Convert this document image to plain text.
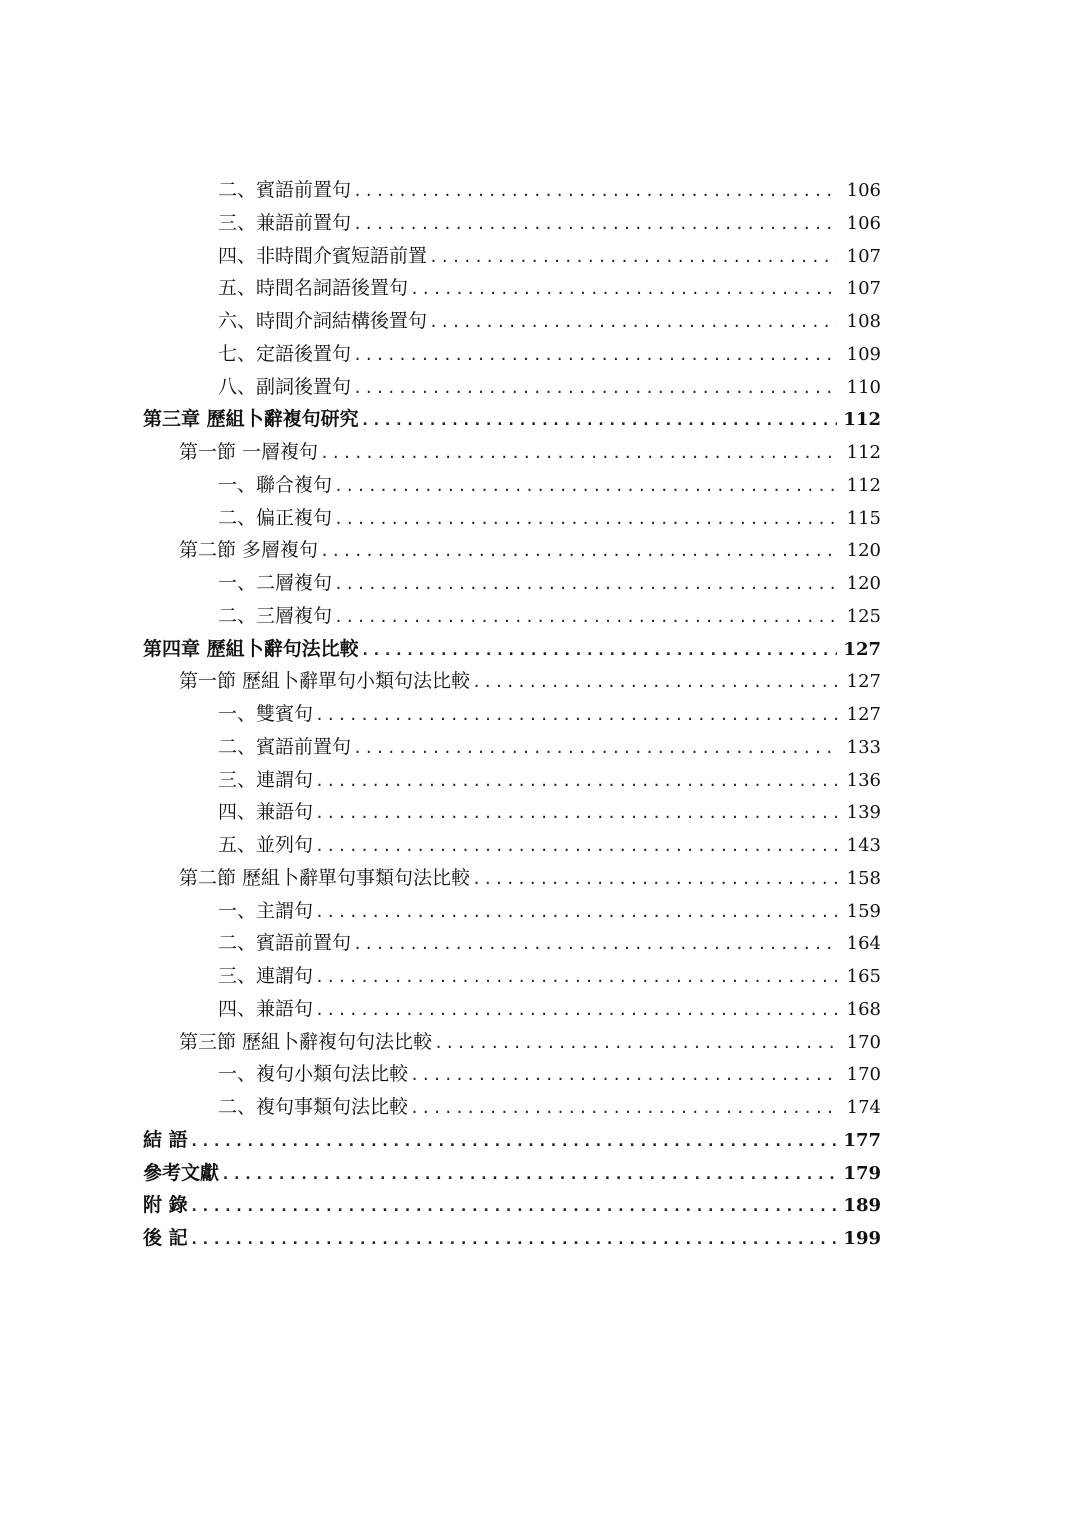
二、賓語前置句 .....	106
三、兼語前置句 .....	106
四、非時間介賓短語前置 .....	107
五、時間名詞語後置句 .....	107
六、時間介詞結構後置句 .....	108
七、定語後置句 .....	109
八、副詞後置句 .....	110
第三章 歷組卜辭複句研究 .....	112
第一節 一層複句 .....	112
一、聯合複句 .....	112
二、偏正複句 .....	115
第二節 多層複句 .....	120
一、二層複句 .....	120
二、三層複句 .....	125
第四章 歷組卜辭句法比較 .....	127
第一節 歷組卜辭單句小類句法比較 .....	127
一、雙賓句 .....	127
二、賓語前置句 .....	133
三、連謂句 .....	136
四、兼語句 .....	139
五、並列句 .....	143
第二節 歷組卜辭單句事類句法比較 .....	158
一、主謂句 .....	159
二、賓語前置句 .....	164
三、連謂句 .....	165
四、兼語句 .....	168
第三節 歷組卜辭複句句法比較 .....	170
一、複句小類句法比較 .....	170
二、複句事類句法比較 .....	174
結 語 .....	177
參考文獻 .....	179
附 錄 .....	189
後 記 .....	199
